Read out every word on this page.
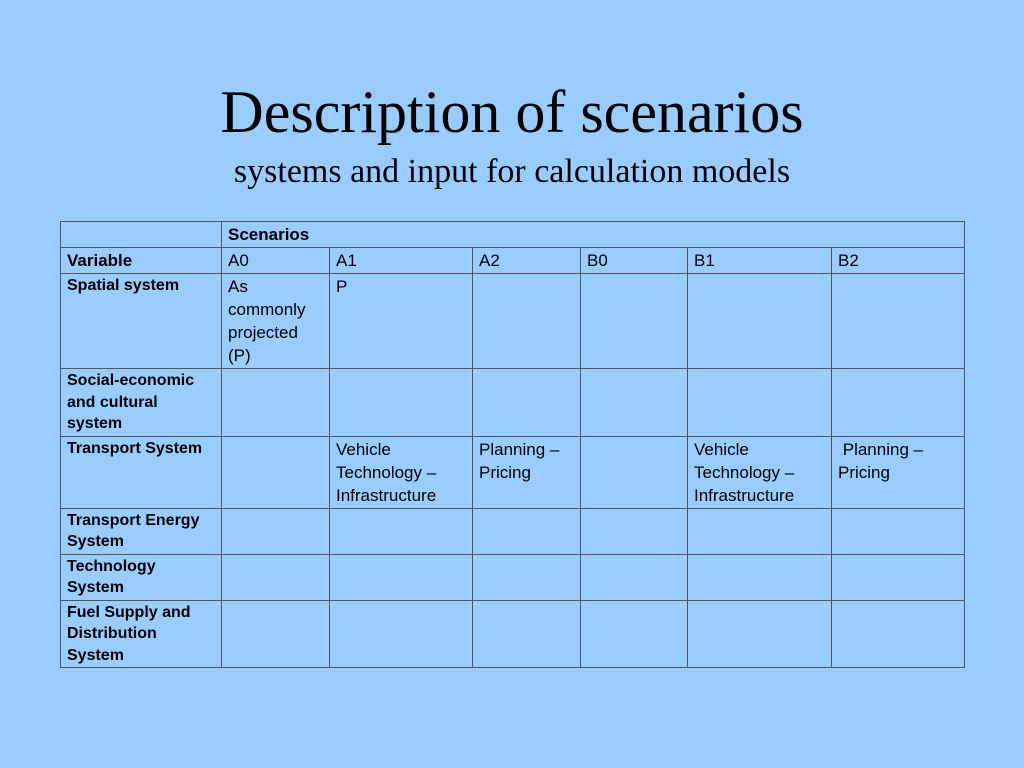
Description of scenarios
systems and input for calculation models
	Scenarios					
Variable	A0	A1	A2	B0	B1	B2
Spatial system	As commonly projected (P)	P				
Social-economic and cultural system						
Transport System		Vehicle Technology – Infrastructure	Planning – Pricing		Vehicle Technology – Infrastructure	Planning – Pricing
Transport Energy System						
Technology System						
Fuel Supply and Distribution System						
